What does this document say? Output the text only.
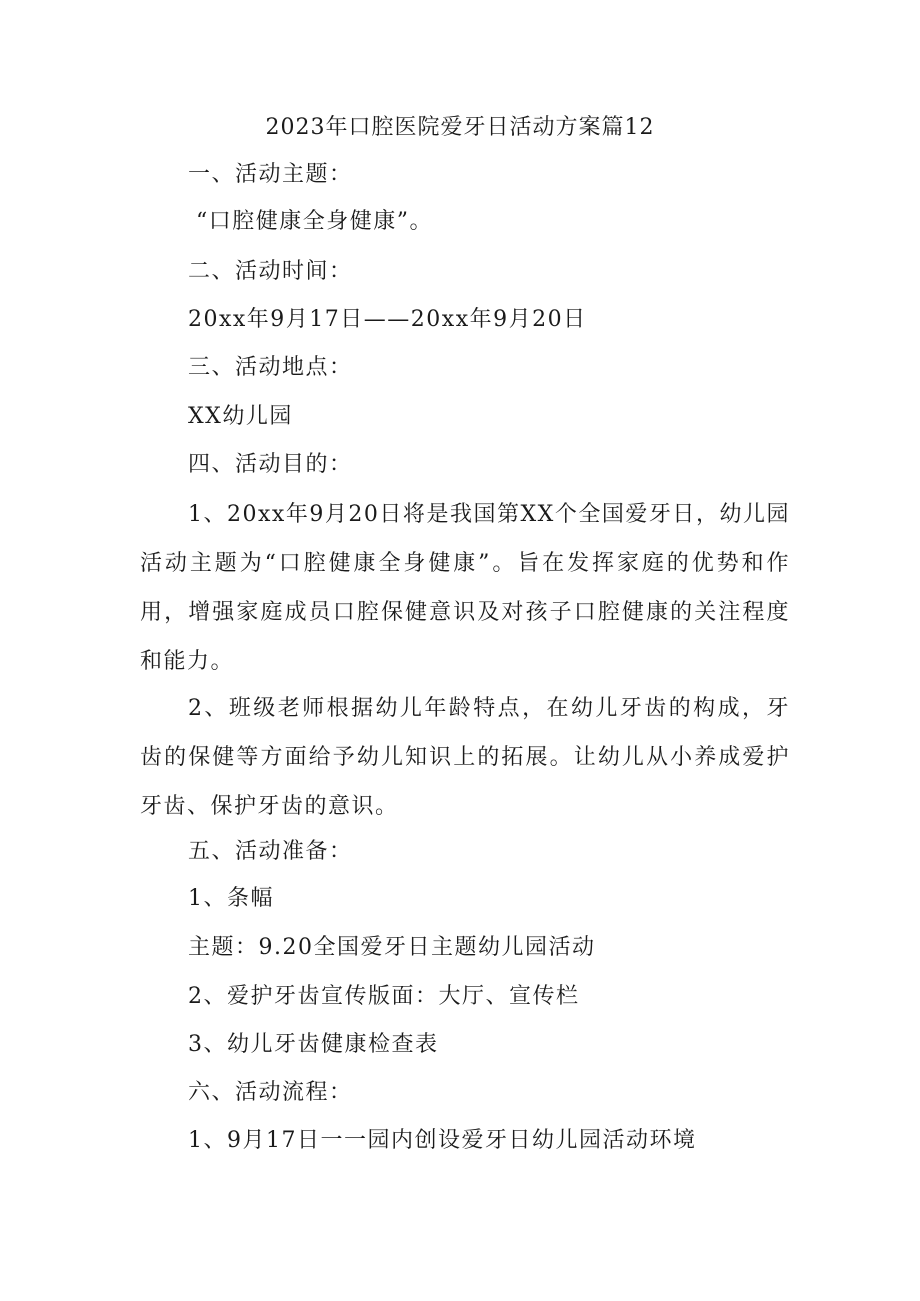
2023年口腔医院爱牙日活动方案篇12
一、活动主题：
“口腔健康全身健康”。
二、活动时间：
20xx年9月17日——20xx年9月20日
三、活动地点：
XX幼儿园
四、活动目的：
1、20xx年9月20日将是我国第XX个全国爱牙日，幼儿园活动主题为“口腔健康全身健康”。旨在发挥家庭的优势和作用，增强家庭成员口腔保健意识及对孩子口腔健康的关注程度和能力。
2、班级老师根据幼儿年龄特点，在幼儿牙齿的构成，牙齿的保健等方面给予幼儿知识上的拓展。让幼儿从小养成爱护牙齿、保护牙齿的意识。
五、活动准备：
1、条幅
主题：9.20全国爱牙日主题幼儿园活动
2、爱护牙齿宣传版面：大厅、宣传栏
3、幼儿牙齿健康检查表
六、活动流程：
1、9月17日一一园内创设爱牙日幼儿园活动环境
